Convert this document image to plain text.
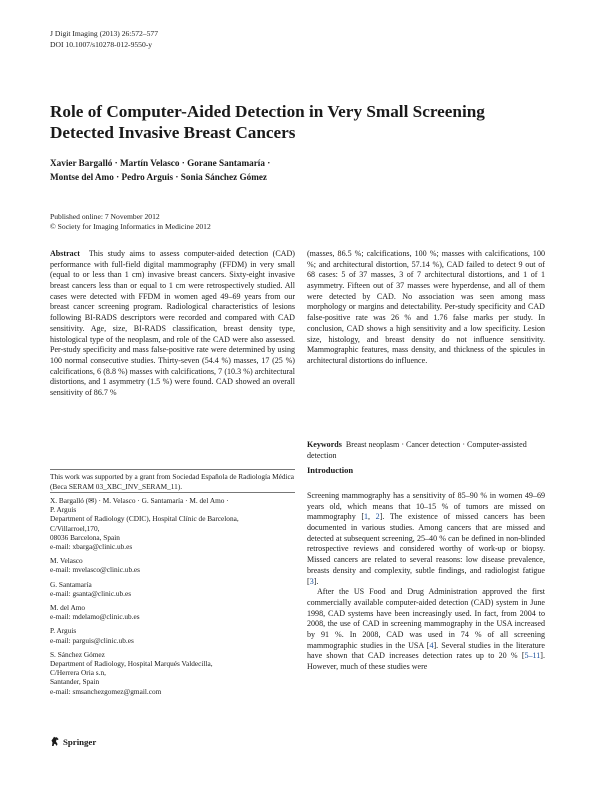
J Digit Imaging (2013) 26:572–577
DOI 10.1007/s10278-012-9550-y
Role of Computer-Aided Detection in Very Small Screening Detected Invasive Breast Cancers
Xavier Bargalló · Martín Velasco · Gorane Santamaría ·
Montse del Amo · Pedro Arguis · Sonia Sánchez Gómez
Published online: 7 November 2012
© Society for Imaging Informatics in Medicine 2012

Abstract This study aims to assess computer-aided detection (CAD) performance with full-field digital mammography (FFDM) in very small (equal to or less than 1 cm) invasive breast cancers. Sixty-eight invasive breast cancers less than or equal to 1 cm were retrospectively studied. All cases were detected with FFDM in women aged 49–69 years from our breast cancer screening program. Radiological characteristics of lesions following BI-RADS descriptors were recorded and compared with CAD sensitivity. Age, size, BI-RADS classification, breast density type, histological type of the neoplasm, and role of the CAD were also assessed. Per-study specificity and mass false-positive rate were determined by using 100 normal consecutive studies. Thirty-seven (54.4 %) masses, 17 (25 %) calcifications, 6 (8.8 %) masses with calcifications, 7 (10.3 %) architectural distortions, and 1 asymmetry (1.5 %) were found. CAD showed an overall sensitivity of 86.7 %

(masses, 86.5 %; calcifications, 100 %; masses with calcifications, 100 %; and architectural distortion, 57.14 %), CAD failed to detect 9 out of 68 cases: 5 of 37 masses, 3 of 7 architectural distortions, and 1 of 1 asymmetry. Fifteen out of 37 masses were hyperdense, and all of them were detected by CAD. No association was seen among mass morphology or margins and detectability. Per-study specificity and CAD false-positive rate was 26 % and 1.76 false marks per study. In conclusion, CAD shows a high sensitivity and a low specificity. Lesion size, histology, and breast density do not influence sensitivity. Mammographic features, mass density, and thickness of the spicules in architectural distortions do influence.

Keywords Breast neoplasm · Cancer detection · Computer-assisted detection
Introduction

Screening mammography has a sensitivity of 85–90 % in women 49–69 years old, which means that 10–15 % of tumors are missed on mammography [1, 2]. The existence of missed cancers has been documented in various studies. Among cancers that are missed and detected at subsequent screening, 25–40 % can be defined in non-blinded retrospective reviews and considered worthy of work-up or biopsy. Missed cancers are related to several reasons: low disease prevalence, breasts density and complexity, subtle findings, and radiologist fatigue [3].

After the US Food and Drug Administration approved the first commercially available computer-aided detection (CAD) system in June 1998, CAD systems have been increasingly used. In fact, from 2004 to 2008, the use of CAD in screening mammography in the USA increased by 91 %. In 2008, CAD was used in 74 % of all screening mammographic studies in the USA [4]. Several studies in the literature have shown that CAD increases detection rates up to 20 % [5–11]. However, much of these studies were

This work was supported by a grant from Sociedad Española de Radiología Médica (Beca SERAM 03_XBC_INV_SERAM_11).
X. Bargalló (✉) · M. Velasco · G. Santamaría · M. del Amo ·
P. Arguis
Department of Radiology (CDIC), Hospital Clínic de Barcelona,
C/Villarroel,170,
08036 Barcelona, Spain
e-mail: xbarga@clinic.ub.es
M. Velasco
e-mail: mvelasco@clinic.ub.es
G. Santamaría
e-mail: gsanta@clinic.ub.es
M. del Amo
e-mail: mdelamo@clinic.ub.es
P. Arguis
e-mail: parguis@clinic.ub.es
S. Sánchez Gómez
Department of Radiology, Hospital Marqués Valdecilla,
C/Herrera Oria s.n,
Santander, Spain
e-mail: smsanchezgomez@gmail.com
Springer
